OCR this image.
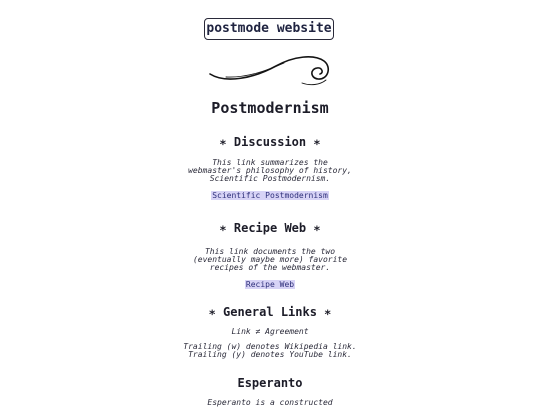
postmode website
Postmodernism
∗ Discussion ∗
This link summarizes the
webmaster's philosophy of history,
Scientific Postmodernism.
Scientific Postmodernism
∗ Recipe Web ∗
This link documents the two
(eventually maybe more) favorite
recipes of the webmaster.
Recipe Web
∗ General Links ∗
Link ≠ Agreement
Trailing (w) denotes Wikipedia link.
Trailing (y) denotes YouTube link.
Esperanto
Esperanto is a constructed
